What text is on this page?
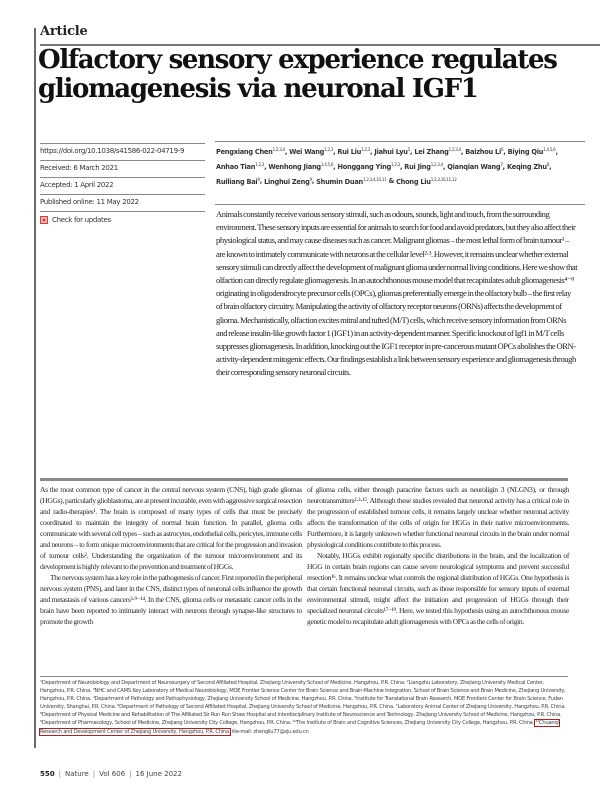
Article
Olfactory sensory experience regulates gliomagenesis via neuronal IGF1
https://doi.org/10.1038/s41586-022-04719-9
Received: 6 March 2021
Accepted: 1 April 2022
Published online: 11 May 2022
Check for updates
Pengxiang Chen$^{1,2,3,4}$, Wei Wang$^{1,2,3}$, Rui Liu$^{1,2,3}$, Jiahui Lyu$^5$, Lei Zhang$^{1,2,3,4}$, Baizhou Li$^6$, Biying Qiu$^{1,4,5,6}$, Anhao Tian$^{1,2,3}$, Wenhong Jiang$^{1,4,5,6}$, Honggang Ying$^{1,2,3}$, Rui Jing$^{1,2,3,4}$, Qianqian Wang$^7$, Keqing Zhu$^8$, Ruiliang Bai$^9$, Linghui Zeng$^9$, Shumin Duan$^{1,2,3,4,10,11}$ & Chong Liu$^{1,2,3,10,11,12}$

Animals constantly receive various sensory stimuli, such as odours, sounds, light and touch, from the surrounding environment. These sensory inputs are essential for animals to search for food and avoid predators, but they also affect their physiological status, and may cause diseases such as cancer. Malignant gliomas – the most lethal form of brain tumour¹ – are known to intimately communicate with neurons at the cellular level²·³. However, it remains unclear whether external sensory stimuli can directly affect the development of malignant glioma under normal living conditions. Here we show that olfaction can directly regulate gliomagenesis. In an autochthonous mouse model that recapitulates adult gliomagenesis⁴⁻⁸ originating in oligodendrocyte precursor cells (OPCs), gliomas preferentially emerge in the olfactory bulb – the first relay of brain olfactory circuitry. Manipulating the activity of olfactory receptor neurons (ORNs) affects the development of glioma. Mechanistically, olfaction excites mitral and tufted (M/T) cells, which receive sensory information from ORNs and release insulin-like growth factor 1 (IGF1) in an activity-dependent manner. Specific knockout of Igf1 in M/T cells suppresses gliomagenesis. In addition, knocking out the IGF1 receptor in pre-cancerous mutant OPCs abolishes the ORN-activity-dependent mitogenic effects. Our findings establish a link between sensory experience and gliomagenesis through their corresponding sensory neuronal circuits.

As the most common type of cancer in the central nervous system (CNS), high grade gliomas (HGGs), particularly glioblastoma, are at present incurable, even with aggressive surgical resection and radio-therapies¹. The brain is composed of many types of cells that must be precisely coordinated to maintain the integrity of normal brain function. In parallel, glioma cells communicate with several cell types – such as astrocytes, endothelial cells, pericytes, immune cells and neurons – to form unique microenvironments that are critical for the progression and invasion of tumour cells². Understanding the organization of the tumour microenvironment and its development is highly relevant to the prevention and treatment of HGGs.

The nervous system has a key role in the pathogenesis of cancer. First reported in the peripheral nervous system (PNS), and later in the CNS, distinct types of neuronal cells influence the growth and metastasis of various cancers³·⁹⁻¹⁴. In the CNS, glioma cells or metastatic cancer cells in the brain have been reported to intimately interact with neurons through synapse-like structures to promote the growth

of glioma cells, either through paracrine factors such as neuroligin 3 (NLGN3), or through neurotransmitters²·³·¹⁵. Although these studies revealed that neuronal activity has a critical role in the progression of established tumour cells, it remains largely unclear whether neuronal activity affects the transformation of the cells of origin for HGGs in their native microenvironments. Furthermore, it is largely unknown whether functional neuronal circuits in the brain under normal physiological conditions contribute to this process.

Notably, HGGs exhibit regionally specific distributions in the brain, and the localization of HGG in certain brain regions can cause severe neurological symptoms and prevent successful resection¹⁶. It remains unclear what controls the regional distribution of HGGs. One hypothesis is that certain functional neuronal circuits, such as those responsible for sensory inputs of external environmental stimuli, might affect the initiation and progression of HGGs through their specialized neuronal circuits¹⁷⁻¹⁹. Here, we tested this hypothesis using an autochthonous mouse genetic model to recapitulate adult gliomagenesis with OPCs as the cells of origin.

¹Department of Neurobiology and Department of Neurosurgery of Second Affiliated Hospital, Zhejiang University School of Medicine, Hangzhou, P.R. China. ²Liangzhu Laboratory, Zhejiang University Medical Center, Hangzhou, P.R. China. ³NHC and CAMS Key Laboratory of Medical Neurobiology, MOE Frontier Science Center for Brain Science and Brain-Machine Integration, School of Brain Science and Brain Medicine, Zhejiang University, Hangzhou, P.R. China. ⁴Department of Pathology and Pathophysiology, Zhejiang University School of Medicine, Hangzhou, P.R. China. ⁵Institute for Translational Brain Research, MOE Frontiers Center for Brain Science, Fudan University, Shanghai, P.R. China. ⁶Department of Pathology of Second Affiliated Hospital, Zhejiang University School of Medicine, Hangzhou, P.R. China. ⁷Laboratory Animal Center of Zhejiang University, Hangzhou, P.R. China. ⁸Department of Physical Medicine and Rehabilitation of The Affiliated Sir Run Run Shaw Hospital and Interdisciplinary Institute of Neuroscience and Technology, Zhejiang University School of Medicine, Hangzhou, P.R. China. ⁹Department of Pharmacology, School of Medicine, Zhejiang University City College, Hangzhou, P.R. China. ¹⁰The Institute of Brain and Cognitive Sciences, Zhejiang University City College, Hangzhou, P.R. China. ¹¹Chuanqi Research and Development Center of Zhejiang University, Hangzhou, P.R. China. ✉e-mail: zhengliu77@zju.edu.cn
550 | Nature | Vol 606 | 16 June 2022
